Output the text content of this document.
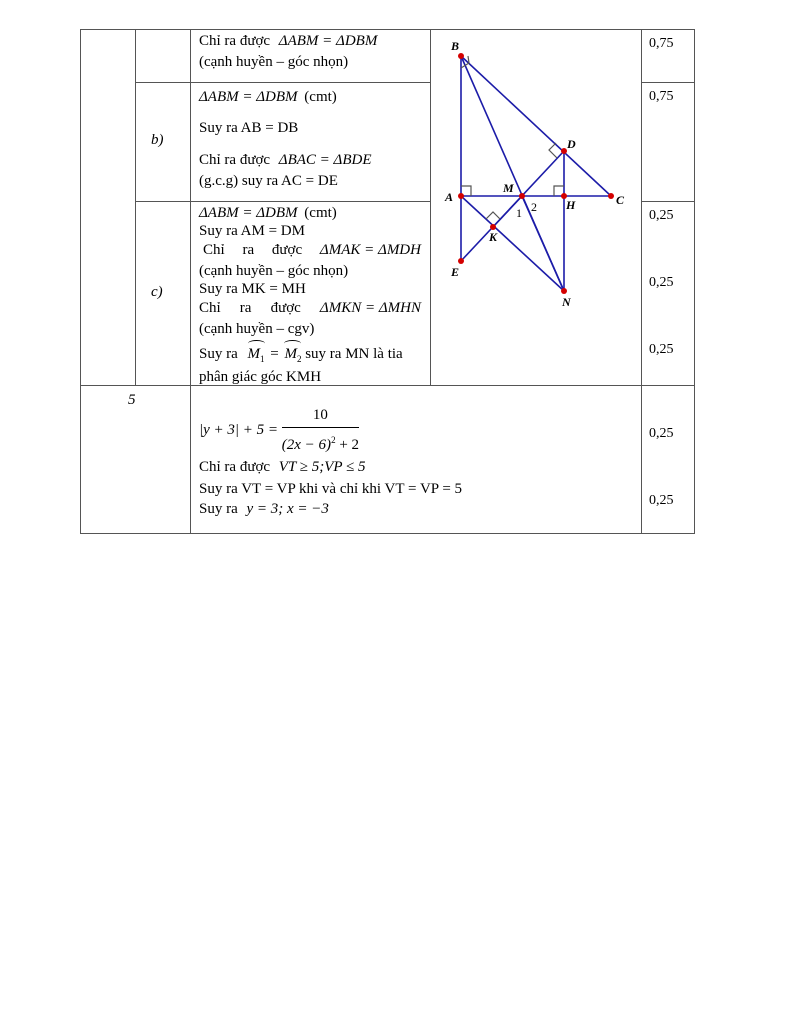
Chỉ ra được ΔABM = ΔDBM
(cạnh huyền – góc nhọn)
0,75
b)
ΔABM = ΔDBM (cmt)
Suy ra AB = DB
Chỉ ra được ΔBAC = ΔBDE
(g.c.g) suy ra AC = DE
0,75
c)
ΔABM = ΔDBM (cmt)
Suy ra AM = DM
Chỉ ra được ΔMAK = ΔMDH
(cạnh huyền – góc nhọn)
Suy ra MK = MH
Chỉ ra được ΔMKN = ΔMHN
(cạnh huyền – cgv)
Suy ra $M_1 = M_2$ suy ra MN là tia
phân giác góc KMH
0,25
0,25
0,25
5
$|y + 3| + 5 = \frac{10}{(2x - 6)^2 + 2}$
Chỉ ra được VT ≥ 5;VP ≤ 5
Suy ra VT = VP khi và chỉ khi VT = VP = 5
Suy ra y = 3; x = −3
0,25
0,25
B
D
A
M
H	C
K
E
N
1 2
